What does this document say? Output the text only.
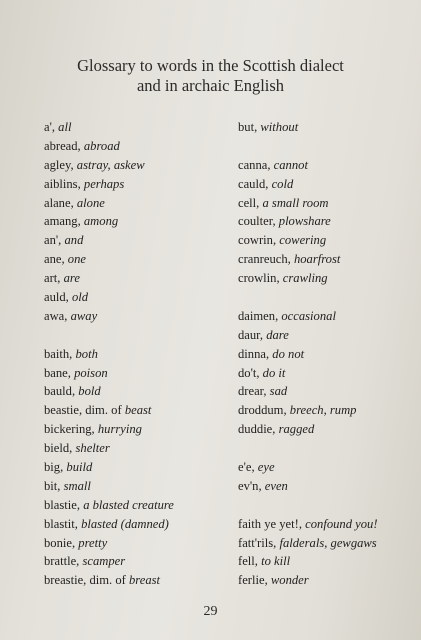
Glossary to words in the Scottish dialect
and in archaic English
a', all
abread, abroad
agley, astray, askew
aiblins, perhaps
alane, alone
amang, among
an', and
ane, one
art, are
auld, old
awa, away
baith, both
bane, poison
bauld, bold
beastie, dim. of beast
bickering, hurrying
bield, shelter
big, build
bit, small
blastie, a blasted creature
blastit, blasted (damned)
bonie, pretty
brattle, scamper
breastie, dim. of breast
but, without
canna, cannot
cauld, cold
cell, a small room
coulter, plowshare
cowrin, cowering
cranreuch, hoarfrost
crowlin, crawling
daimen, occasional
daur, dare
dinna, do not
do't, do it
drear, sad
droddum, breech, rump
duddie, ragged
e'e, eye
ev'n, even
faith ye yet!, confound you!
fatt'rils, falderals, gewgaws
fell, to kill
ferlie, wonder
29
